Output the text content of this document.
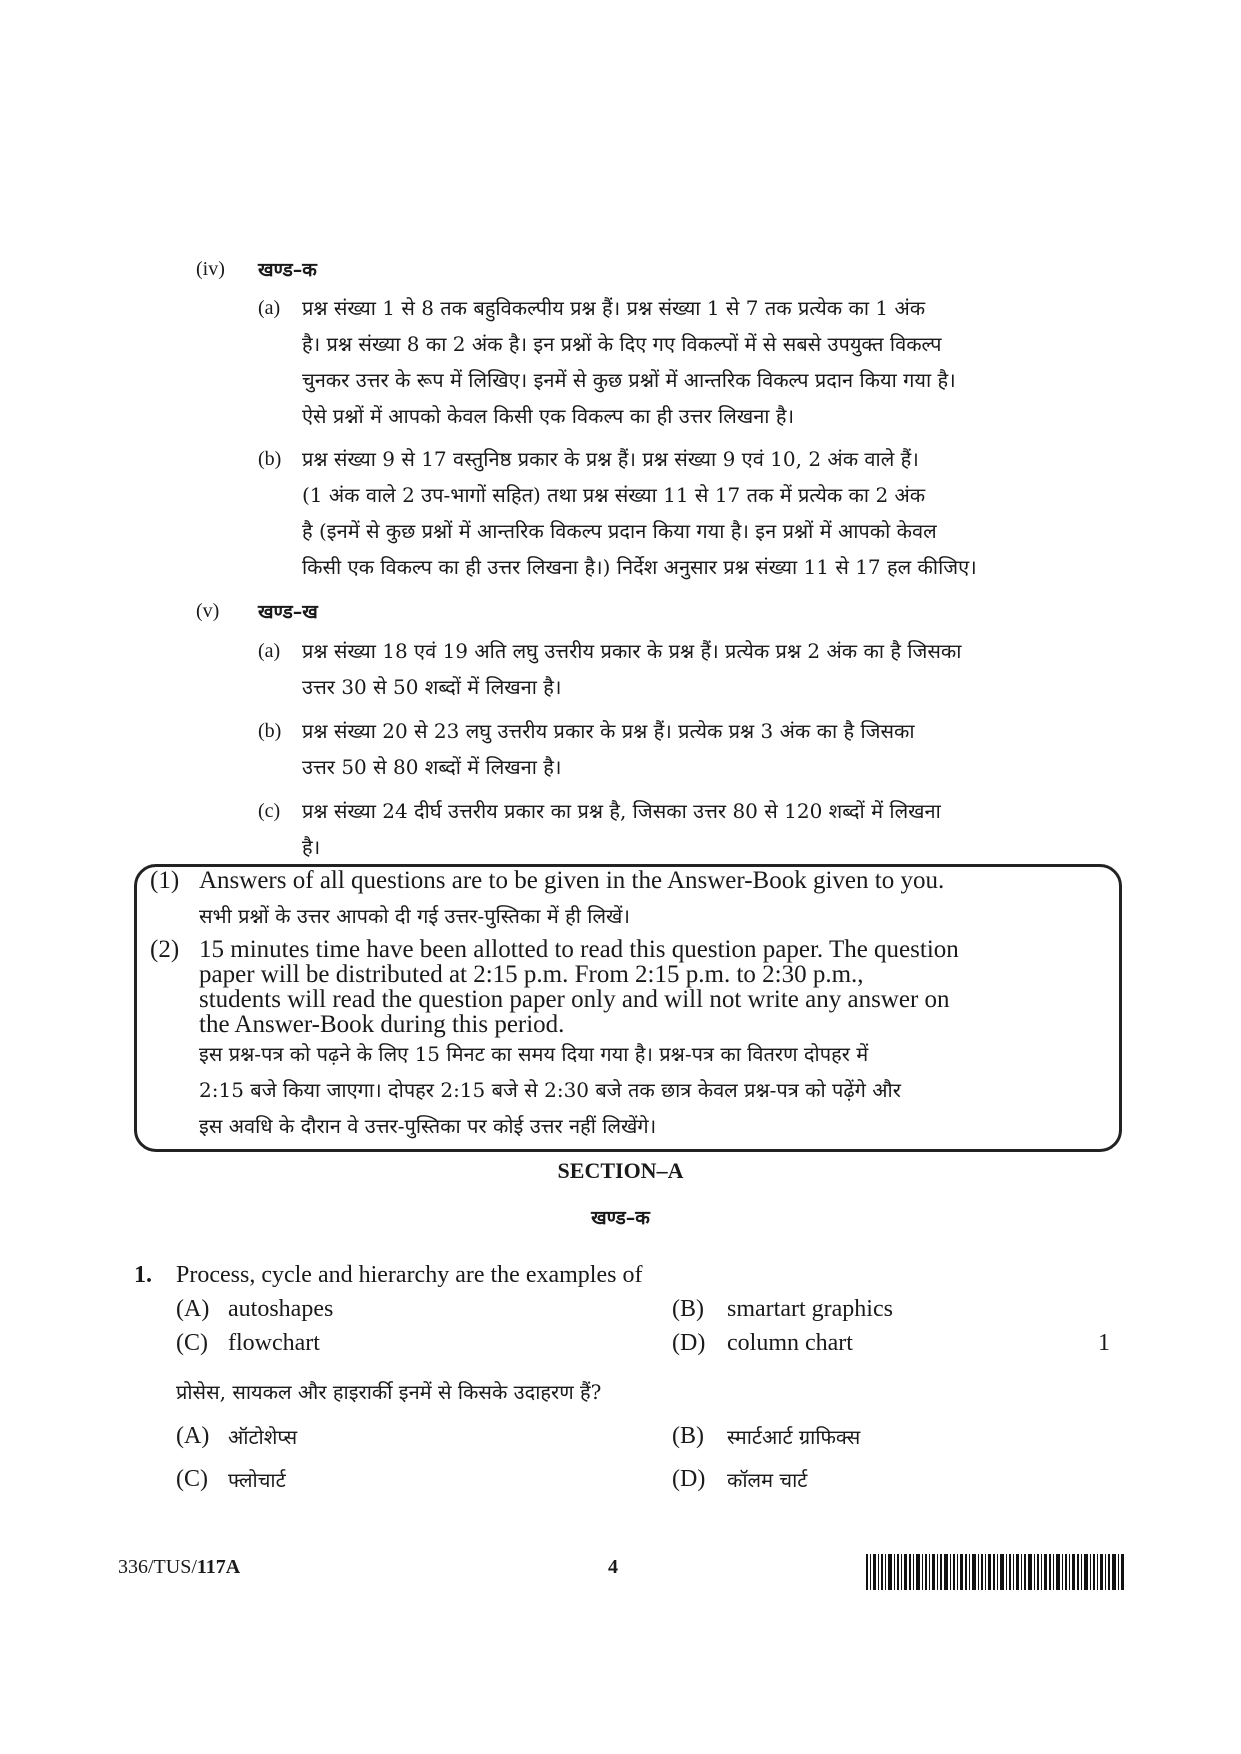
(iv) खण्ड–क
(a) प्रश्न संख्या 1 से 8 तक बहुविकल्पीय प्रश्न हैं। प्रश्न संख्या 1 से 7 तक प्रत्येक का 1 अंक
है। प्रश्न संख्या 8 का 2 अंक है। इन प्रश्नों के दिए गए विकल्पों में से सबसे उपयुक्त विकल्प
चुनकर उत्तर के रूप में लिखिए। इनमें से कुछ प्रश्नों में आन्तरिक विकल्प प्रदान किया गया है।
ऐसे प्रश्नों में आपको केवल किसी एक विकल्प का ही उत्तर लिखना है।
(b) प्रश्न संख्या 9 से 17 वस्तुनिष्ठ प्रकार के प्रश्न हैं। प्रश्न संख्या 9 एवं 10, 2 अंक वाले हैं।
(1 अंक वाले 2 उप-भागों सहित) तथा प्रश्न संख्या 11 से 17 तक में प्रत्येक का 2 अंक
है (इनमें से कुछ प्रश्नों में आन्तरिक विकल्प प्रदान किया गया है। इन प्रश्नों में आपको केवल
किसी एक विकल्प का ही उत्तर लिखना है।) निर्देश अनुसार प्रश्न संख्या 11 से 17 हल कीजिए।
(v) खण्ड–ख
(a) प्रश्न संख्या 18 एवं 19 अति लघु उत्तरीय प्रकार के प्रश्न हैं। प्रत्येक प्रश्न 2 अंक का है जिसका
उत्तर 30 से 50 शब्दों में लिखना है।
(b) प्रश्न संख्या 20 से 23 लघु उत्तरीय प्रकार के प्रश्न हैं। प्रत्येक प्रश्न 3 अंक का है जिसका
उत्तर 50 से 80 शब्दों में लिखना है।
(c) प्रश्न संख्या 24 दीर्घ उत्तरीय प्रकार का प्रश्न है, जिसका उत्तर 80 से 120 शब्दों में लिखना
है।
(1) Answers of all questions are to be given in the Answer-Book given to you.
सभी प्रश्नों के उत्तर आपको दी गई उत्तर-पुस्तिका में ही लिखें।
(2) 15 minutes time have been allotted to read this question paper. The question
paper will be distributed at 2:15 p.m. From 2:15 p.m. to 2:30 p.m.,
students will read the question paper only and will not write any answer on
the Answer-Book during this period.
इस प्रश्न-पत्र को पढ़ने के लिए 15 मिनट का समय दिया गया है। प्रश्न-पत्र का वितरण दोपहर में
2:15 बजे किया जाएगा। दोपहर 2:15 बजे से 2:30 बजे तक छात्र केवल प्रश्न-पत्र को पढ़ेंगे और
इस अवधि के दौरान वे उत्तर-पुस्तिका पर कोई उत्तर नहीं लिखेंगे।
SECTION–A
खण्ड–क
1. Process, cycle and hierarchy are the examples of
(A) autoshapes	(B) smartart graphics
(C) flowchart	(D) column chart	1
प्रोसेस, सायकल और हाइरार्की इनमें से किसके उदाहरण हैं?
(A) ऑटोशेप्स	(B) स्मार्टआर्ट ग्राफिक्स
(C) फ्लोचार्ट	(D) कॉलम चार्ट
336/TUS/117A	4
